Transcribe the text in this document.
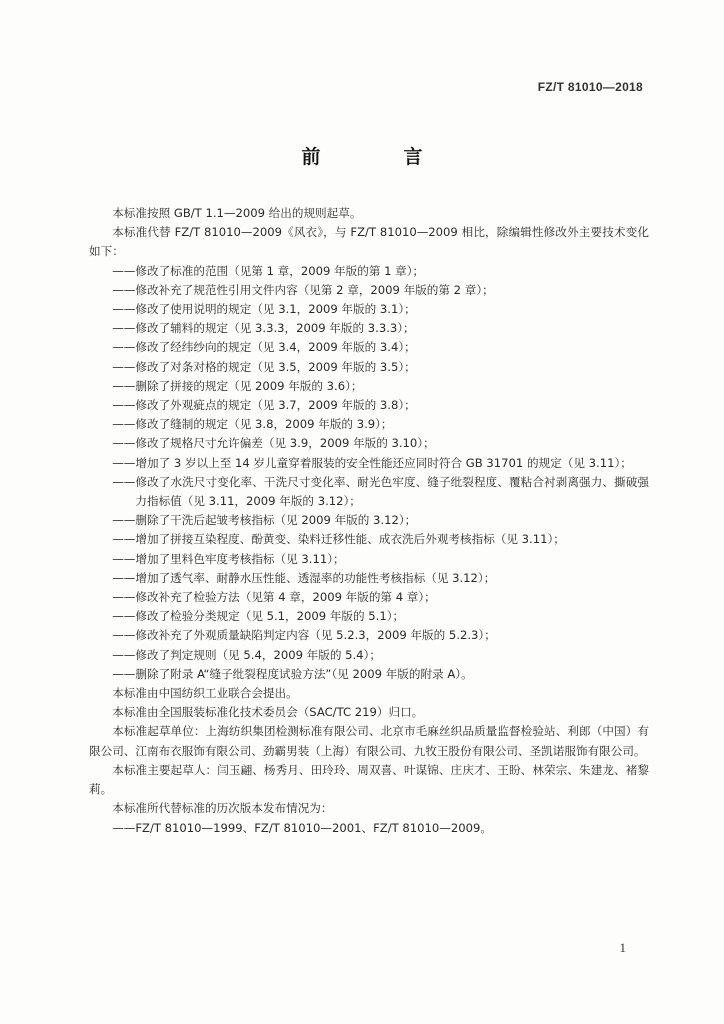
FZ/T 81010—2018
前　言

本标准按照 GB/T 1.1—2009 给出的规则起草。

本标准代替 FZ/T 81010—2009《风衣》，与 FZ/T 81010—2009 相比，除编辑性修改外主要技术变化如下：

——修改了标准的范围（见第 1 章，2009 年版的第 1 章）；

——修改补充了规范性引用文件内容（见第 2 章，2009 年版的第 2 章）；

——修改了使用说明的规定（见 3.1，2009 年版的 3.1）；

——修改了辅料的规定（见 3.3.3，2009 年版的 3.3.3）；

——修改了经纬纱向的规定（见 3.4，2009 年版的 3.4）；

——修改了对条对格的规定（见 3.5，2009 年版的 3.5）；

——删除了拼接的规定（见 2009 年版的 3.6）；

——修改了外观疵点的规定（见 3.7，2009 年版的 3.8）；

——修改了缝制的规定（见 3.8，2009 年版的 3.9）；

——修改了规格尺寸允许偏差（见 3.9，2009 年版的 3.10）；

——增加了 3 岁以上至 14 岁儿童穿着服装的安全性能还应同时符合 GB 31701 的规定（见 3.11）；

——修改了水洗尺寸变化率、干洗尺寸变化率、耐光色牢度、缝子纰裂程度、覆粘合衬剥离强力、撕破强力指标值（见 3.11，2009 年版的 3.12）；

——删除了干洗后起皱考核指标（见 2009 年版的 3.12）；

——增加了拼接互染程度、酚黄变、染料迁移性能、成衣洗后外观考核指标（见 3.11）；

——增加了里料色牢度考核指标（见 3.11）；

——增加了透气率、耐静水压性能、透湿率的功能性考核指标（见 3.12）；

——修改补充了检验方法（见第 4 章，2009 年版的第 4 章）；

——修改了检验分类规定（见 5.1，2009 年版的 5.1）；

——修改补充了外观质量缺陷判定内容（见 5.2.3，2009 年版的 5.2.3）；

——修改了判定规则（见 5.4，2009 年版的 5.4）；

——删除了附录 A“缝子纰裂程度试验方法”（见 2009 年版的附录 A）。

本标准由中国纺织工业联合会提出。

本标准由全国服装标准化技术委员会（SAC/TC 219）归口。

本标准起草单位：上海纺织集团检测标准有限公司、北京市毛麻丝织品质量监督检验站、利郎（中国）有限公司、江南布衣服饰有限公司、劲霸男装（上海）有限公司、九牧王股份有限公司、圣凯诺服饰有限公司。

本标准主要起草人：闫玉翩、杨秀月、田玲玲、周双喜、叶谋锦、庄庆才、王盼、林荣宗、朱建龙、褚黎莉。

本标准所代替标准的历次版本发布情况为：

——FZ/T 81010—1999、FZ/T 81010—2001、FZ/T 81010—2009。

1
